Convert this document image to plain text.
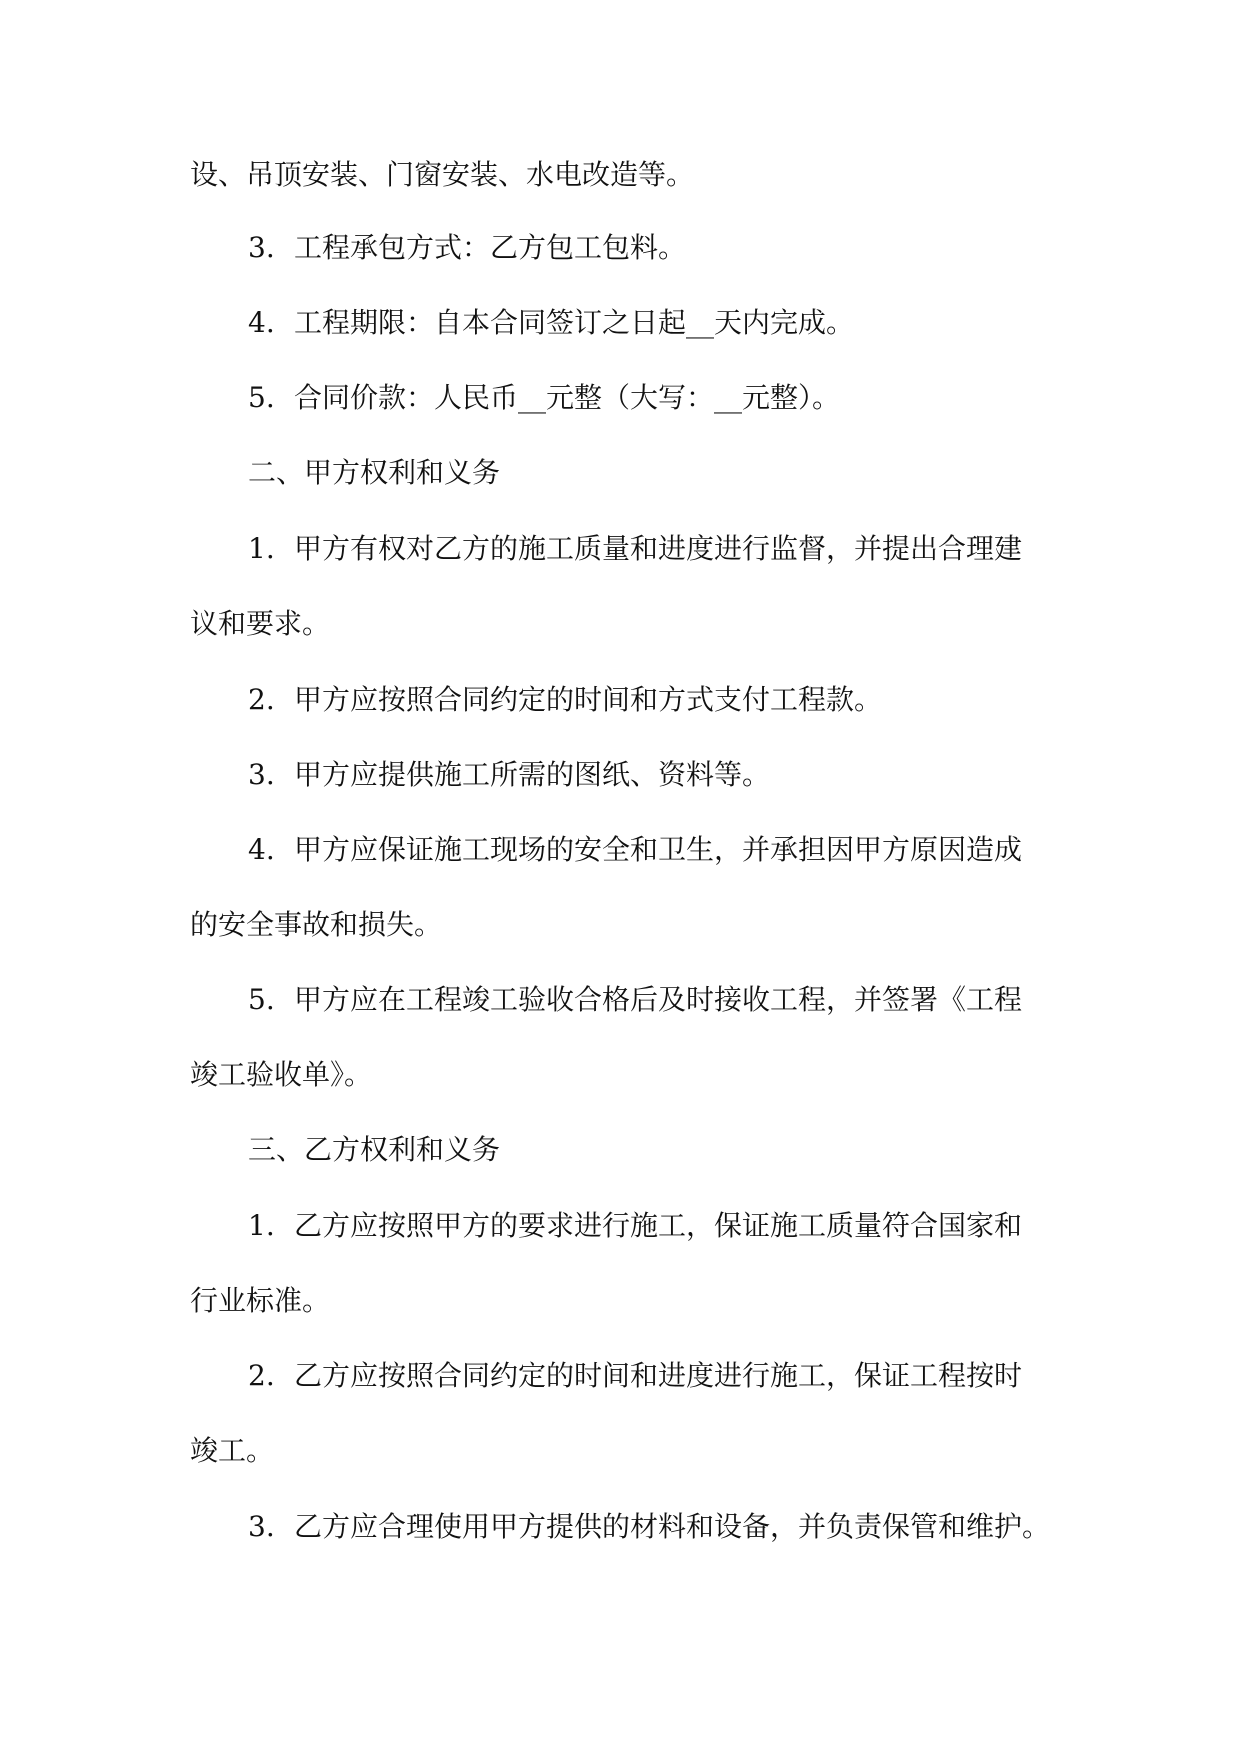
设、吊顶安装、门窗安装、水电改造等。
3. 工程承包方式：乙方包工包料。
4. 工程期限：自本合同签订之日起__天内完成。
5. 合同价款：人民币__元整（大写：__元整）。
二、甲方权利和义务
1. 甲方有权对乙方的施工质量和进度进行监督，并提出合理建
议和要求。
2. 甲方应按照合同约定的时间和方式支付工程款。
3. 甲方应提供施工所需的图纸、资料等。
4. 甲方应保证施工现场的安全和卫生，并承担因甲方原因造成
的安全事故和损失。
5. 甲方应在工程竣工验收合格后及时接收工程，并签署《工程
竣工验收单》。
三、乙方权利和义务
1. 乙方应按照甲方的要求进行施工，保证施工质量符合国家和
行业标准。
2. 乙方应按照合同约定的时间和进度进行施工，保证工程按时
竣工。
3. 乙方应合理使用甲方提供的材料和设备，并负责保管和维护。
